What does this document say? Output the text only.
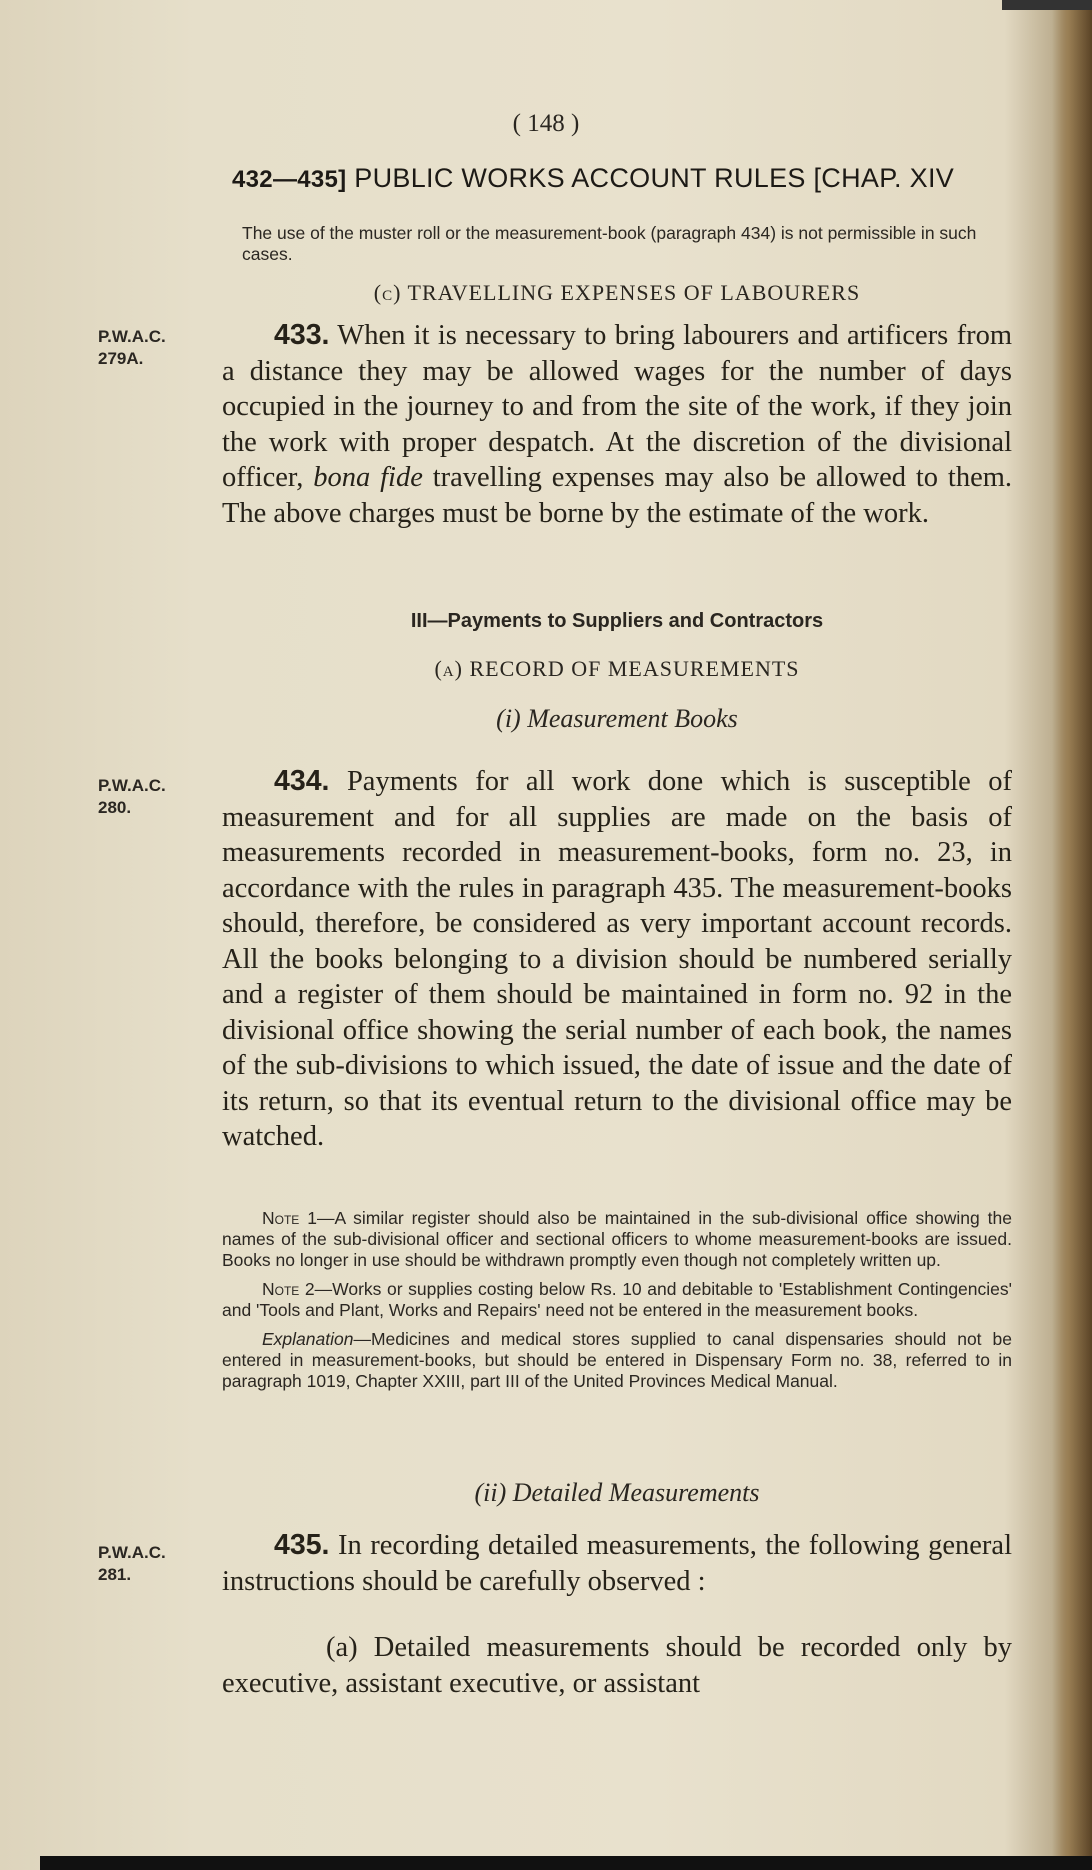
( 148 )
432—435] PUBLIC WORKS ACCOUNT RULES [CHAP. XIV
The use of the muster roll or the measurement-book (paragraph 434) is not permissible in such cases.
(c) TRAVELLING EXPENSES OF LABOURERS
P.W.A.C.
279A.
433. When it is necessary to bring labourers and artificers from a distance they may be allowed wages for the number of days occupied in the journey to and from the site of the work, if they join the work with proper despatch. At the discretion of the divisional officer, bona fide travelling expenses may also be allowed to them. The above charges must be borne by the estimate of the work.
III—Payments to Suppliers and Contractors
(a) RECORD OF MEASUREMENTS
(i) Measurement Books
P.W.A.C.
280.
434. Payments for all work done which is susceptible of measurement and for all supplies are made on the basis of measurements recorded in measurement-books, form no. 23, in accordance with the rules in paragraph 435. The measurement-books should, therefore, be considered as very important account records. All the books belonging to a division should be numbered serially and a register of them should be maintained in form no. 92 in the divisional office showing the serial number of each book, the names of the sub-divisions to which issued, the date of issue and the date of its return, so that its eventual return to the divisional office may be watched.
Note 1—A similar register should also be maintained in the sub-divisional office showing the names of the sub-divisional officer and sectional officers to whome measurement-books are issued. Books no longer in use should be withdrawn promptly even though not completely written up.
Note 2—Works or supplies costing below Rs. 10 and debitable to 'Establishment Contingencies' and 'Tools and Plant, Works and Repairs' need not be entered in the measurement books.
Explanation—Medicines and medical stores supplied to canal dispensaries should not be entered in measurement-books, but should be entered in Dispensary Form no. 38, referred to in paragraph 1019, Chapter XXIII, part III of the United Provinces Medical Manual.
(ii) Detailed Measurements
P.W.A.C.
281.
435. In recording detailed measurements, the following general instructions should be carefully observed :
(a) Detailed measurements should be recorded only by executive, assistant executive, or assistant
